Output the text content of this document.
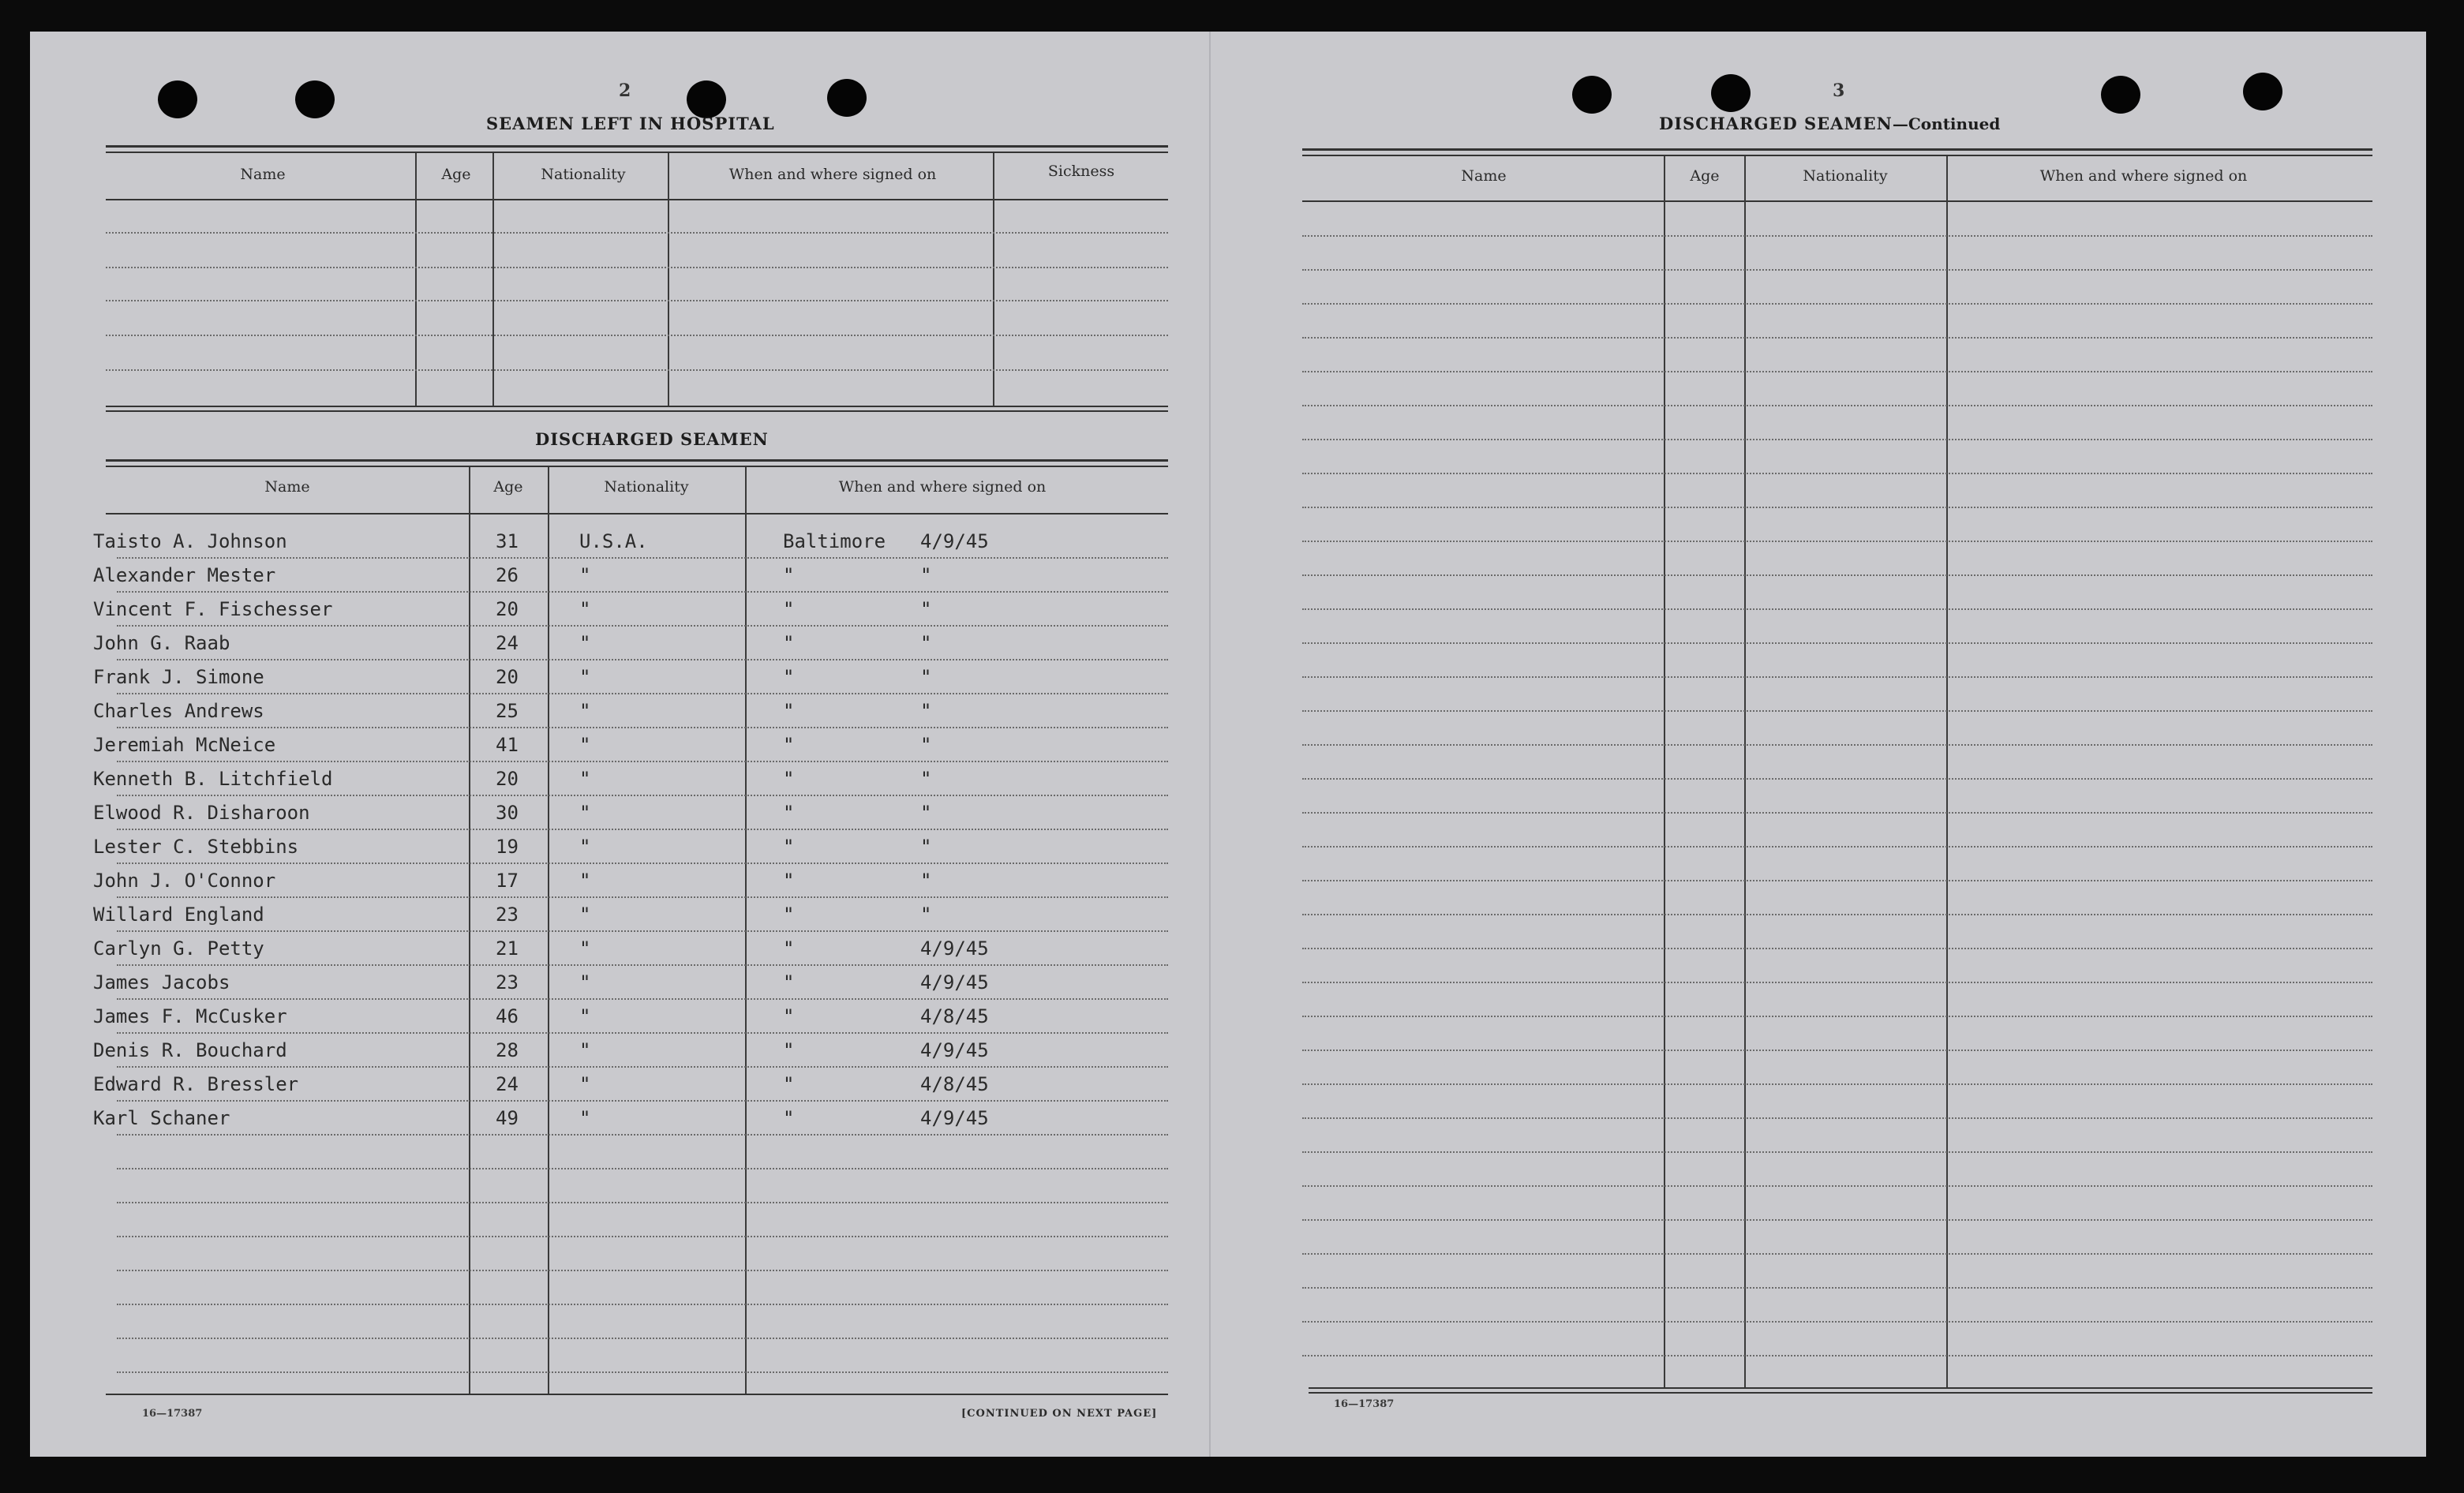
2
SEAMEN LEFT IN HOSPITAL
Name	Age	Nationality	When and where signed on	Sickness
DISCHARGED SEAMEN
Name	Age	Nationality	When and where signed on
Taisto A. Johnson	31	U.S.A.	Baltimore 4/9/45
Alexander Mester	26	"	"	"
Vincent F. Fischesser	20	"	"	"
John G. Raab	24	"	"	"
Frank J. Simone	20	"	"	"
Charles Andrews	25	"	"	"
Jeremiah McNeice	41	"	"	"
Kenneth B. Litchfield	20	"	"	"
Elwood R. Disharoon	30	"	"	"
Lester C. Stebbins	19	"	"	"
John J. O'Connor	17	"	"	"
Willard England	23	"	"	"
Carlyn G. Petty	21	"	"	4/9/45
James Jacobs	23	"	"	4/9/45
James F. McCusker	46	"	"	4/8/45
Denis R. Bouchard	28	"	"	4/9/45
Edward R. Bressler	24	"	"	4/8/45
Karl Schaner	49	"	"	4/9/45
16—17387	[CONTINUED ON NEXT PAGE]
3
DISCHARGED SEAMEN—Continued
Name	Age	Nationality	When and where signed on
16—17387
